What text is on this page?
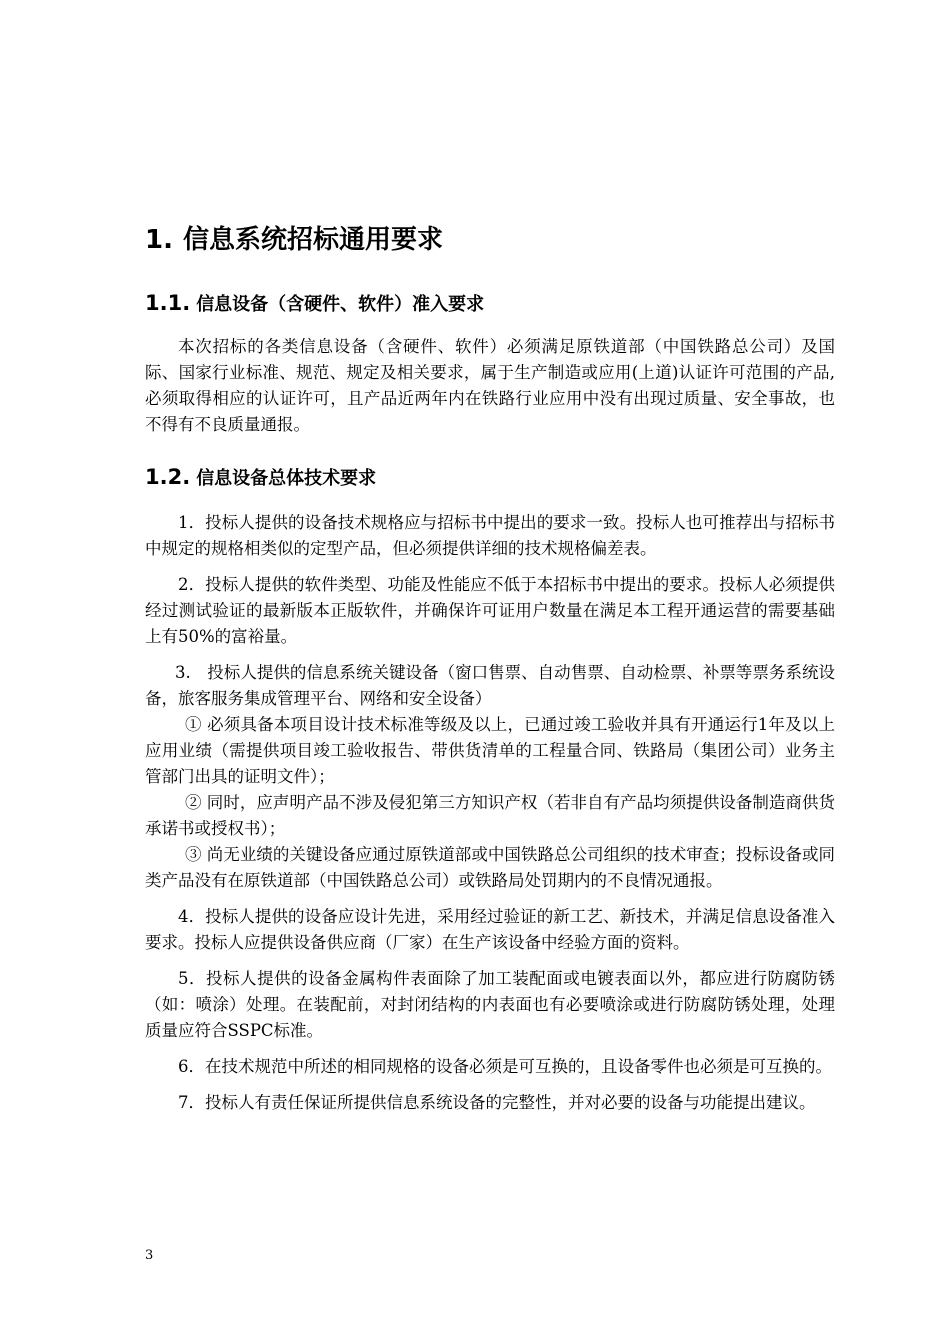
1. 信息系统招标通用要求
1.1. 信息设备（含硬件、软件）准入要求

本次招标的各类信息设备（含硬件、软件）必须满足原铁道部（中国铁路总公司）及国际、国家行业标准、规范、规定及相关要求，属于生产制造或应用(上道)认证许可范围的产品,必须取得相应的认证许可，且产品近两年内在铁路行业应用中没有出现过质量、安全事故，也不得有不良质量通报。

1.2. 信息设备总体技术要求

1．投标人提供的设备技术规格应与招标书中提出的要求一致。投标人也可推荐出与招标书中规定的规格相类似的定型产品，但必须提供详细的技术规格偏差表。

2．投标人提供的软件类型、功能及性能应不低于本招标书中提出的要求。投标人必须提供经过测试验证的最新版本正版软件，并确保许可证用户数量在满足本工程开通运营的需要基础上有50%的富裕量。

3.　投标人提供的信息系统关键设备（窗口售票、自动售票、自动检票、补票等票务系统设备，旅客服务集成管理平台、网络和安全设备）

① 必须具备本项目设计技术标准等级及以上，已通过竣工验收并具有开通运行1年及以上应用业绩（需提供项目竣工验收报告、带供货清单的工程量合同、铁路局（集团公司）业务主管部门出具的证明文件）；

② 同时，应声明产品不涉及侵犯第三方知识产权（若非自有产品均须提供设备制造商供货承诺书或授权书）；

③ 尚无业绩的关键设备应通过原铁道部或中国铁路总公司组织的技术审查；投标设备或同类产品没有在原铁道部（中国铁路总公司）或铁路局处罚期内的不良情况通报。

4．投标人提供的设备应设计先进，采用经过验证的新工艺、新技术，并满足信息设备准入要求。投标人应提供设备供应商（厂家）在生产该设备中经验方面的资料。

5．投标人提供的设备金属构件表面除了加工装配面或电镀表面以外，都应进行防腐防锈（如：喷涂）处理。在装配前，对封闭结构的内表面也有必要喷涂或进行防腐防锈处理，处理质量应符合SSPC标准。

6．在技术规范中所述的相同规格的设备必须是可互换的，且设备零件也必须是可互换的。

7．投标人有责任保证所提供信息系统设备的完整性，并对必要的设备与功能提出建议。

3
